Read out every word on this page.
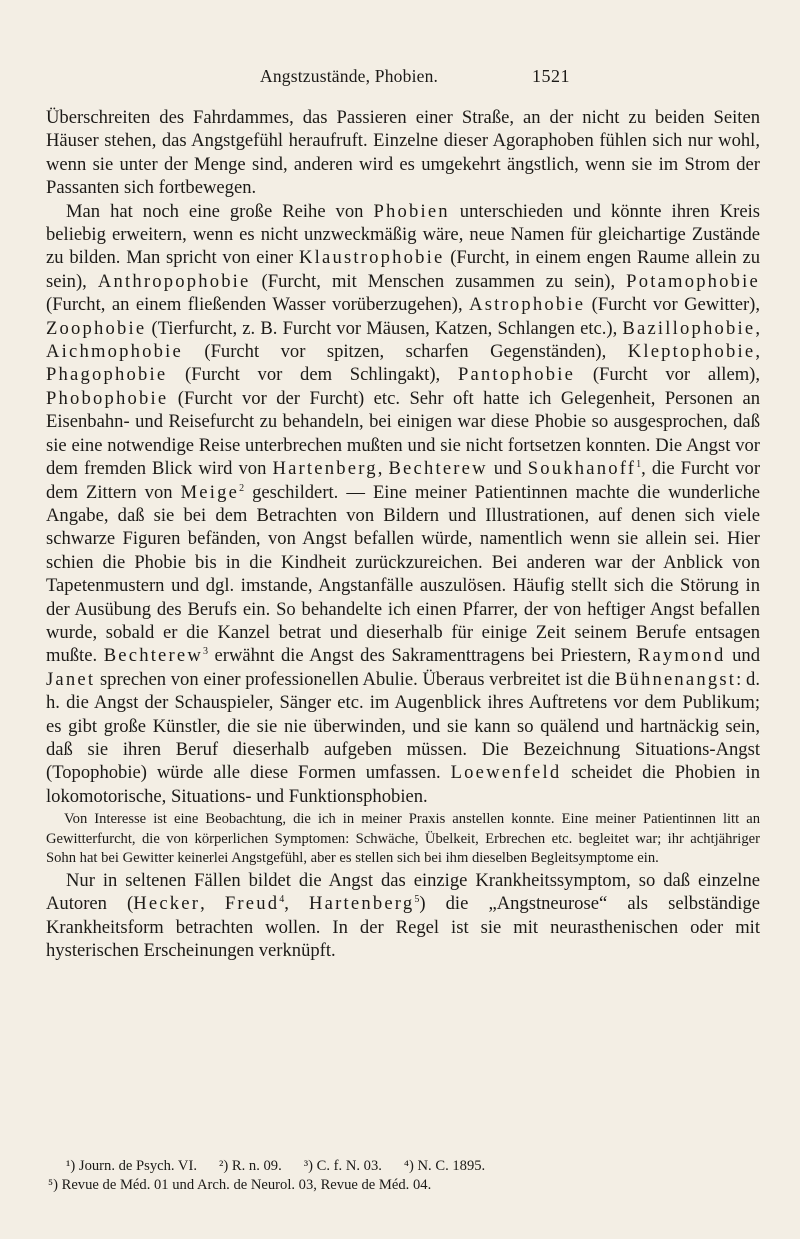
Angstzustände, Phobien.	1521

Überschreiten des Fahrdammes, das Passieren einer Straße, an der nicht zu beiden Seiten Häuser stehen, das Angstgefühl heraufruft. Einzelne dieser Agoraphoben fühlen sich nur wohl, wenn sie unter der Menge sind, anderen wird es umgekehrt ängstlich, wenn sie im Strom der Passanten sich fortbewegen.

Man hat noch eine große Reihe von Phobien unterschieden und könnte ihren Kreis beliebig erweitern, wenn es nicht unzweckmäßig wäre, neue Namen für gleichartige Zustände zu bilden. Man spricht von einer Klaustrophobie (Furcht, in einem engen Raume allein zu sein), Anthropophobie (Furcht, mit Menschen zusammen zu sein), Potamophobie (Furcht, an einem fließenden Wasser vorüberzugehen), Astrophobie (Furcht vor Gewitter), Zoophobie (Tierfurcht, z. B. Furcht vor Mäusen, Katzen, Schlangen etc.), Bazillophobie, Aichmophobie (Furcht vor spitzen, scharfen Gegenständen), Kleptophobie, Phagophobie (Furcht vor dem Schlingakt), Pantophobie (Furcht vor allem), Phobophobie (Furcht vor der Furcht) etc. Sehr oft hatte ich Gelegenheit, Personen an Eisenbahn- und Reisefurcht zu behandeln, bei einigen war diese Phobie so ausgesprochen, daß sie eine notwendige Reise unterbrechen mußten und sie nicht fortsetzen konnten. Die Angst vor dem fremden Blick wird von Hartenberg, Bechterew und Soukhanoff$^1$, die Furcht vor dem Zittern von Meige$^2$ geschildert. — Eine meiner Patientinnen machte die wunderliche Angabe, daß sie bei dem Betrachten von Bildern und Illustrationen, auf denen sich viele schwarze Figuren befänden, von Angst befallen würde, namentlich wenn sie allein sei. Hier schien die Phobie bis in die Kindheit zurückzureichen. Bei anderen war der Anblick von Tapetenmustern und dgl. imstande, Angstanfälle auszulösen. Häufig stellt sich die Störung in der Ausübung des Berufs ein. So behandelte ich einen Pfarrer, der von heftiger Angst befallen wurde, sobald er die Kanzel betrat und dieserhalb für einige Zeit seinem Berufe entsagen mußte. Bechterew$^3$ erwähnt die Angst des Sakramenttragens bei Priestern, Raymond und Janet sprechen von einer professionellen Abulie. Überaus verbreitet ist die Bühnenangst: d. h. die Angst der Schauspieler, Sänger etc. im Augenblick ihres Auftretens vor dem Publikum; es gibt große Künstler, die sie nie überwinden, und sie kann so quälend und hartnäckig sein, daß sie ihren Beruf dieserhalb aufgeben müssen. Die Bezeichnung Situations-Angst (Topophobie) würde alle diese Formen umfassen. Loewenfeld scheidet die Phobien in lokomotorische, Situations- und Funktionsphobien.

Von Interesse ist eine Beobachtung, die ich in meiner Praxis anstellen konnte. Eine meiner Patientinnen litt an Gewitterfurcht, die von körperlichen Symptomen: Schwäche, Übelkeit, Erbrechen etc. begleitet war; ihr achtjähriger Sohn hat bei Gewitter keinerlei Angstgefühl, aber es stellen sich bei ihm dieselben Begleitsymptome ein.

Nur in seltenen Fällen bildet die Angst das einzige Krankheitssymptom, so daß einzelne Autoren (Hecker, Freud$^4$, Hartenberg$^5$) die „Angstneurose“ als selbständige Krankheitsform betrachten wollen. In der Regel ist sie mit neurasthenischen oder mit hysterischen Erscheinungen verknüpft.

¹) Journ. de Psych. VI. ²) R. n. 09. ³) C. f. N. 03. ⁴) N. C. 1895.
⁵) Revue de Méd. 01 und Arch. de Neurol. 03, Revue de Méd. 04.
